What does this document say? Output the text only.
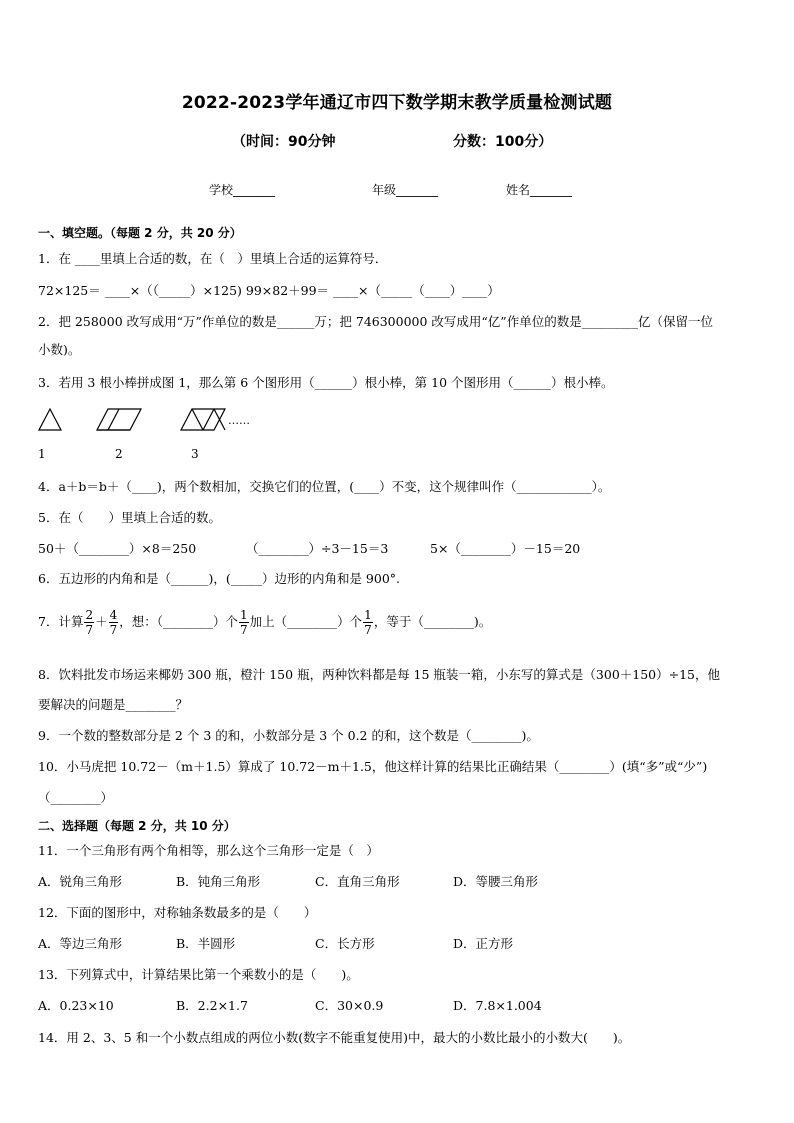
2022-2023学年通辽市四下数学期末教学质量检测试题
（时间：90分钟	分数：100分）
学校_______	年级_______	姓名_______
一、填空题。（每题 2 分，共 20 分）
1．在 ____里填上合适的数，在（　）里填上合适的运算符号．
72×125＝ ____×（（_____）×125) 99×82＋99＝ ____×（_____（____）____）
2．把 258000 改写成用“万”作单位的数是______万；把 746300000 改写成用“亿”作单位的数是_________亿（保留一位
小数)。
3．若用 3 根小棒拼成图 1，那么第 6 个图形用（______）根小棒，第 10 个图形用（______）根小棒。
……
1	2	3
4．a＋b＝b＋（____)，两个数相加，交换它们的位置，(____）不变，这个规律叫作（____________）。
5．在（　　）里填上合适的数。
50＋（________）×8＝250	（________）÷3－15＝3	5×（________）－15＝20
6．五边形的内角和是（______)，(_____）边形的内角和是 900°.
7．计算 $\frac{2}{7} + \frac{4}{7}$ ，想：（________）个 $\frac{1}{7}$ 加上（________）个 $\frac{1}{7}$ ，等于（________)。
8．饮料批发市场运来椰奶 300 瓶，橙汁 150 瓶，两种饮料都是每 15 瓶装一箱，小东写的算式是（300＋150）÷15，他
要解决的问题是________？
9．一个数的整数部分是 2 个 3 的和，小数部分是 3 个 0.2 的和，这个数是（________)。
10．小马虎把 10.72－（m＋1.5）算成了 10.72－m＋1.5，他这样计算的结果比正确结果（________）(填“多”或“少”)
（________）
二、选择题（每题 2 分，共 10 分）
11．一个三角形有两个角相等，那么这个三角形一定是（　）
A．锐角三角形	B．钝角三角形	C．直角三角形	D．等腰三角形
12．下面的图形中，对称轴条数最多的是（　　）
A．等边三角形	B．半圆形	C．长方形	D．正方形
13．下列算式中，计算结果比第一个乘数小的是（　　)。
A．0.23×10	B．2.2×1.7	C．30×0.9	D．7.8×1.004
14．用 2、3、5 和一个小数点组成的两位小数(数字不能重复使用)中，最大的小数比最小的小数大(　　)。
